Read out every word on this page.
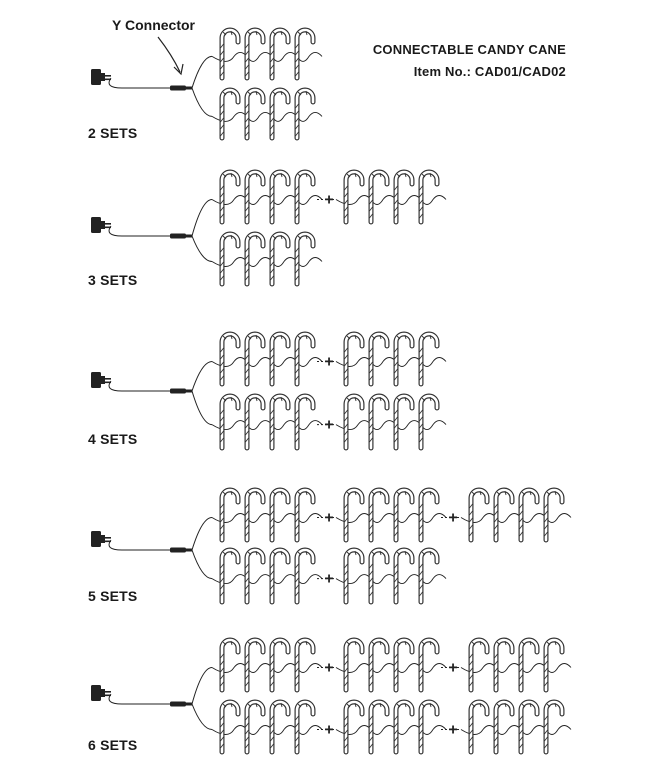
CONNECTABLE CANDY CANE
Item No.: CAD01/CAD02
Y Connector
2 SETS
3 SETS
4 SETS
5 SETS
6 SETS
+
+
+
+	+
+
+	+
+	+
